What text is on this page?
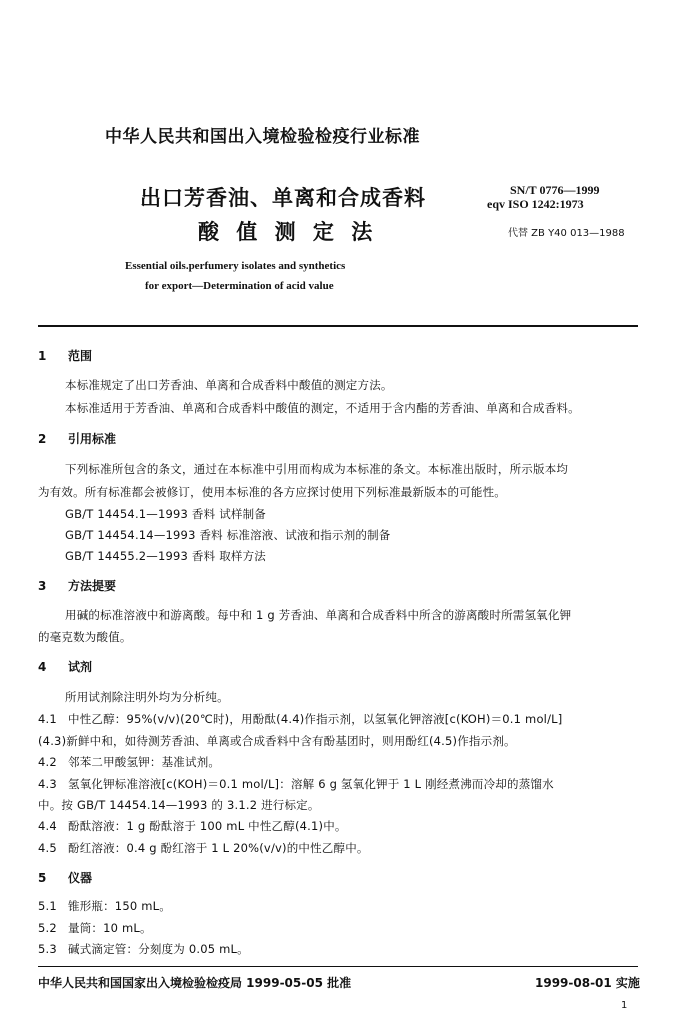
中华人民共和国出入境检验检疫行业标准
出口芳香油、单离和合成香料
酸 值 测 定 法
SN/T 0776—1999
eqv ISO 1242:1973
代替 ZB Y40 013—1988
Essential oils.perfumery isolates and synthetics
for export—Determination of acid value
1 范围
本标准规定了出口芳香油、单离和合成香料中酸值的测定方法。
本标准适用于芳香油、单离和合成香料中酸值的测定，不适用于含内酯的芳香油、单离和合成香料。
2 引用标准
下列标准所包含的条文，通过在本标准中引用而构成为本标准的条文。本标准出版时，所示版本均
为有效。所有标准都会被修订，使用本标准的各方应探讨使用下列标准最新版本的可能性。
GB/T 14454.1—1993 香料 试样制备
GB/T 14454.14—1993 香料 标准溶液、试液和指示剂的制备
GB/T 14455.2—1993 香料 取样方法
3 方法提要
用碱的标准溶液中和游离酸。每中和 1 g 芳香油、单离和合成香料中所含的游离酸时所需氢氧化钾
的毫克数为酸值。
4 试剂
所用试剂除注明外均为分析纯。
4.1 中性乙醇：95%(v/v)(20℃时)，用酚酞(4.4)作指示剂，以氢氧化钾溶液[c(KOH)＝0.1 mol/L]
(4.3)新鲜中和，如待测芳香油、单离或合成香料中含有酚基团时，则用酚红(4.5)作指示剂。
4.2 邻苯二甲酸氢钾：基准试剂。
4.3 氢氧化钾标准溶液[c(KOH)＝0.1 mol/L]：溶解 6 g 氢氧化钾于 1 L 刚经煮沸而冷却的蒸馏水
中。按 GB/T 14454.14—1993 的 3.1.2 进行标定。
4.4 酚酞溶液：1 g 酚酞溶于 100 mL 中性乙醇(4.1)中。
4.5 酚红溶液：0.4 g 酚红溶于 1 L 20%(v/v)的中性乙醇中。
5 仪器
5.1 锥形瓶：150 mL。
5.2 量筒：10 mL。
5.3 碱式滴定管：分刻度为 0.05 mL。
中华人民共和国国家出入境检验检疫局 1999-05-05 批准	1999-08-01 实施
1
